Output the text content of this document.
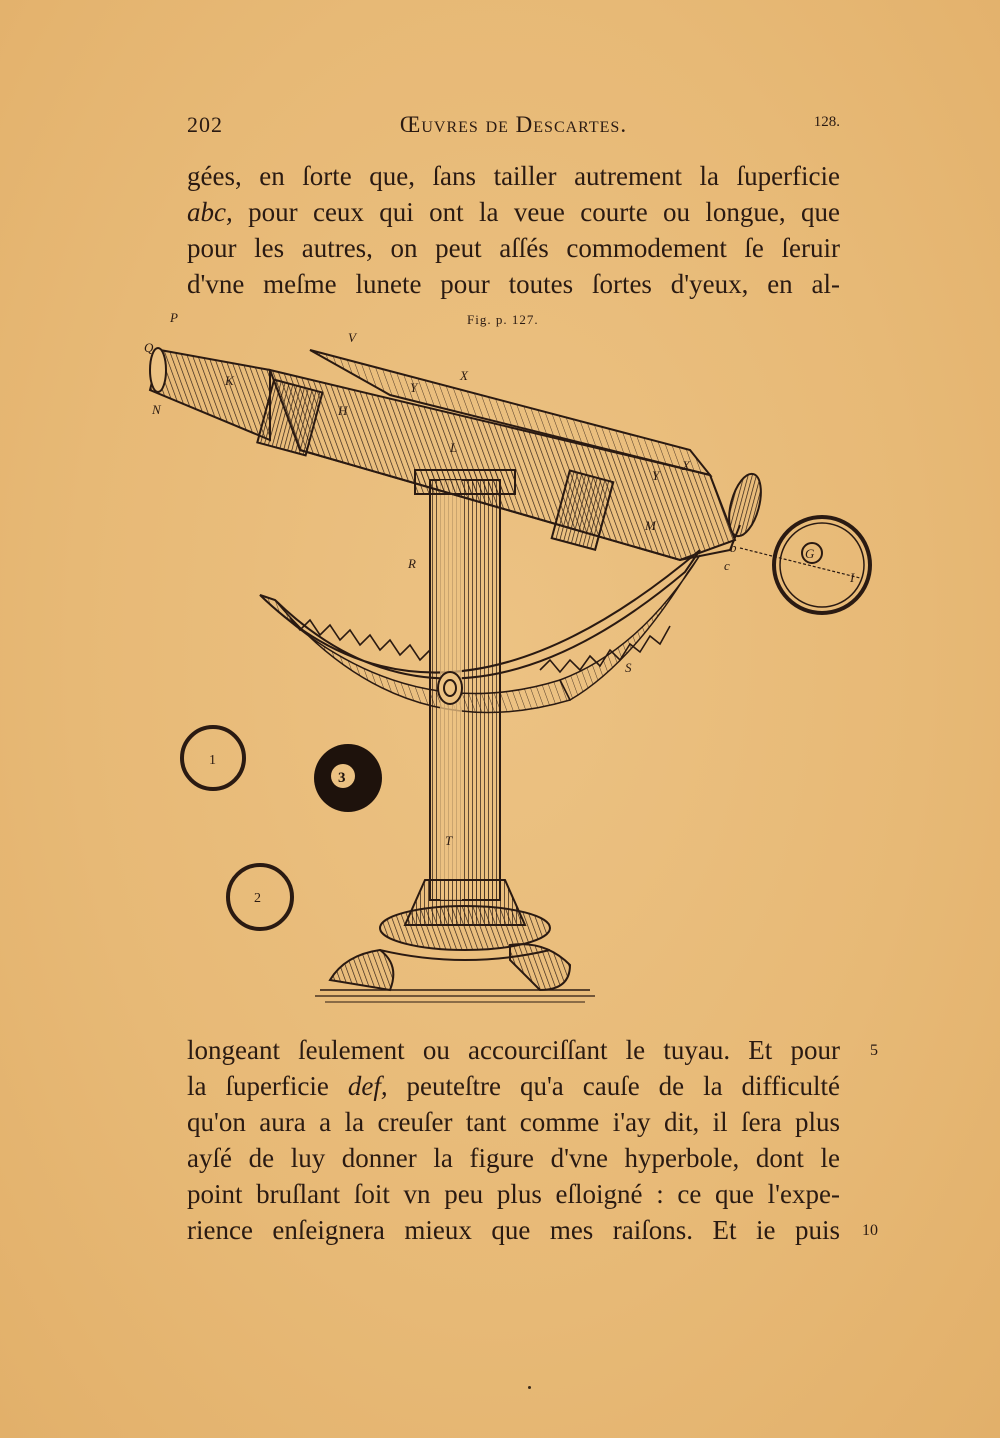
202	Œuvres de Descartes.	128.
gées, en ſorte que, ſans tailler autrement la ſuperficie
abc, pour ceux qui ont la veue courte ou longue, que
pour les autres, on peut aſſés commodement ſe ſeruir
d'vne meſme lunete pour toutes ſortes d'yeux, en al-
Fig. p. 127.
P
Q
N
V
K
H
Y
X
L
Y
X
M
b
c
G
I
R
S
T
1
2
3
longeant ſeulement ou accourciſſant le tuyau. Et pour
la ſuperficie def, peuteſtre qu'a cauſe de la difficulté
qu'on aura a la creuſer tant comme i'ay dit, il ſera plus
ayſé de luy donner la figure d'vne hyperbole, dont le
point bruſlant ſoit vn peu plus eſloigné : ce que l'expe-
rience enſeignera mieux que mes raiſons. Et ie puis
5
10
